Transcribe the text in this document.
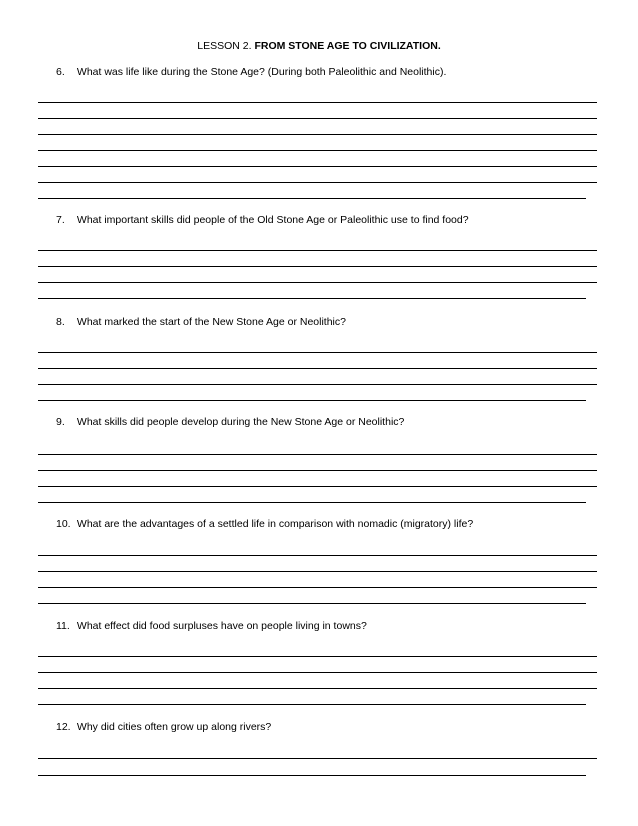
LESSON 2. FROM STONE AGE TO CIVILIZATION.
6. What was life like during the Stone Age? (During both Paleolithic and Neolithic).
7. What important skills did people of the Old Stone Age or Paleolithic use to find food?
8. What marked the start of the New Stone Age or Neolithic?
9. What skills did people develop during the New Stone Age or Neolithic?
10. What are the advantages of a settled life in comparison with nomadic (migratory) life?
11. What effect did food surpluses have on people living in towns?
12. Why did cities often grow up along rivers?
